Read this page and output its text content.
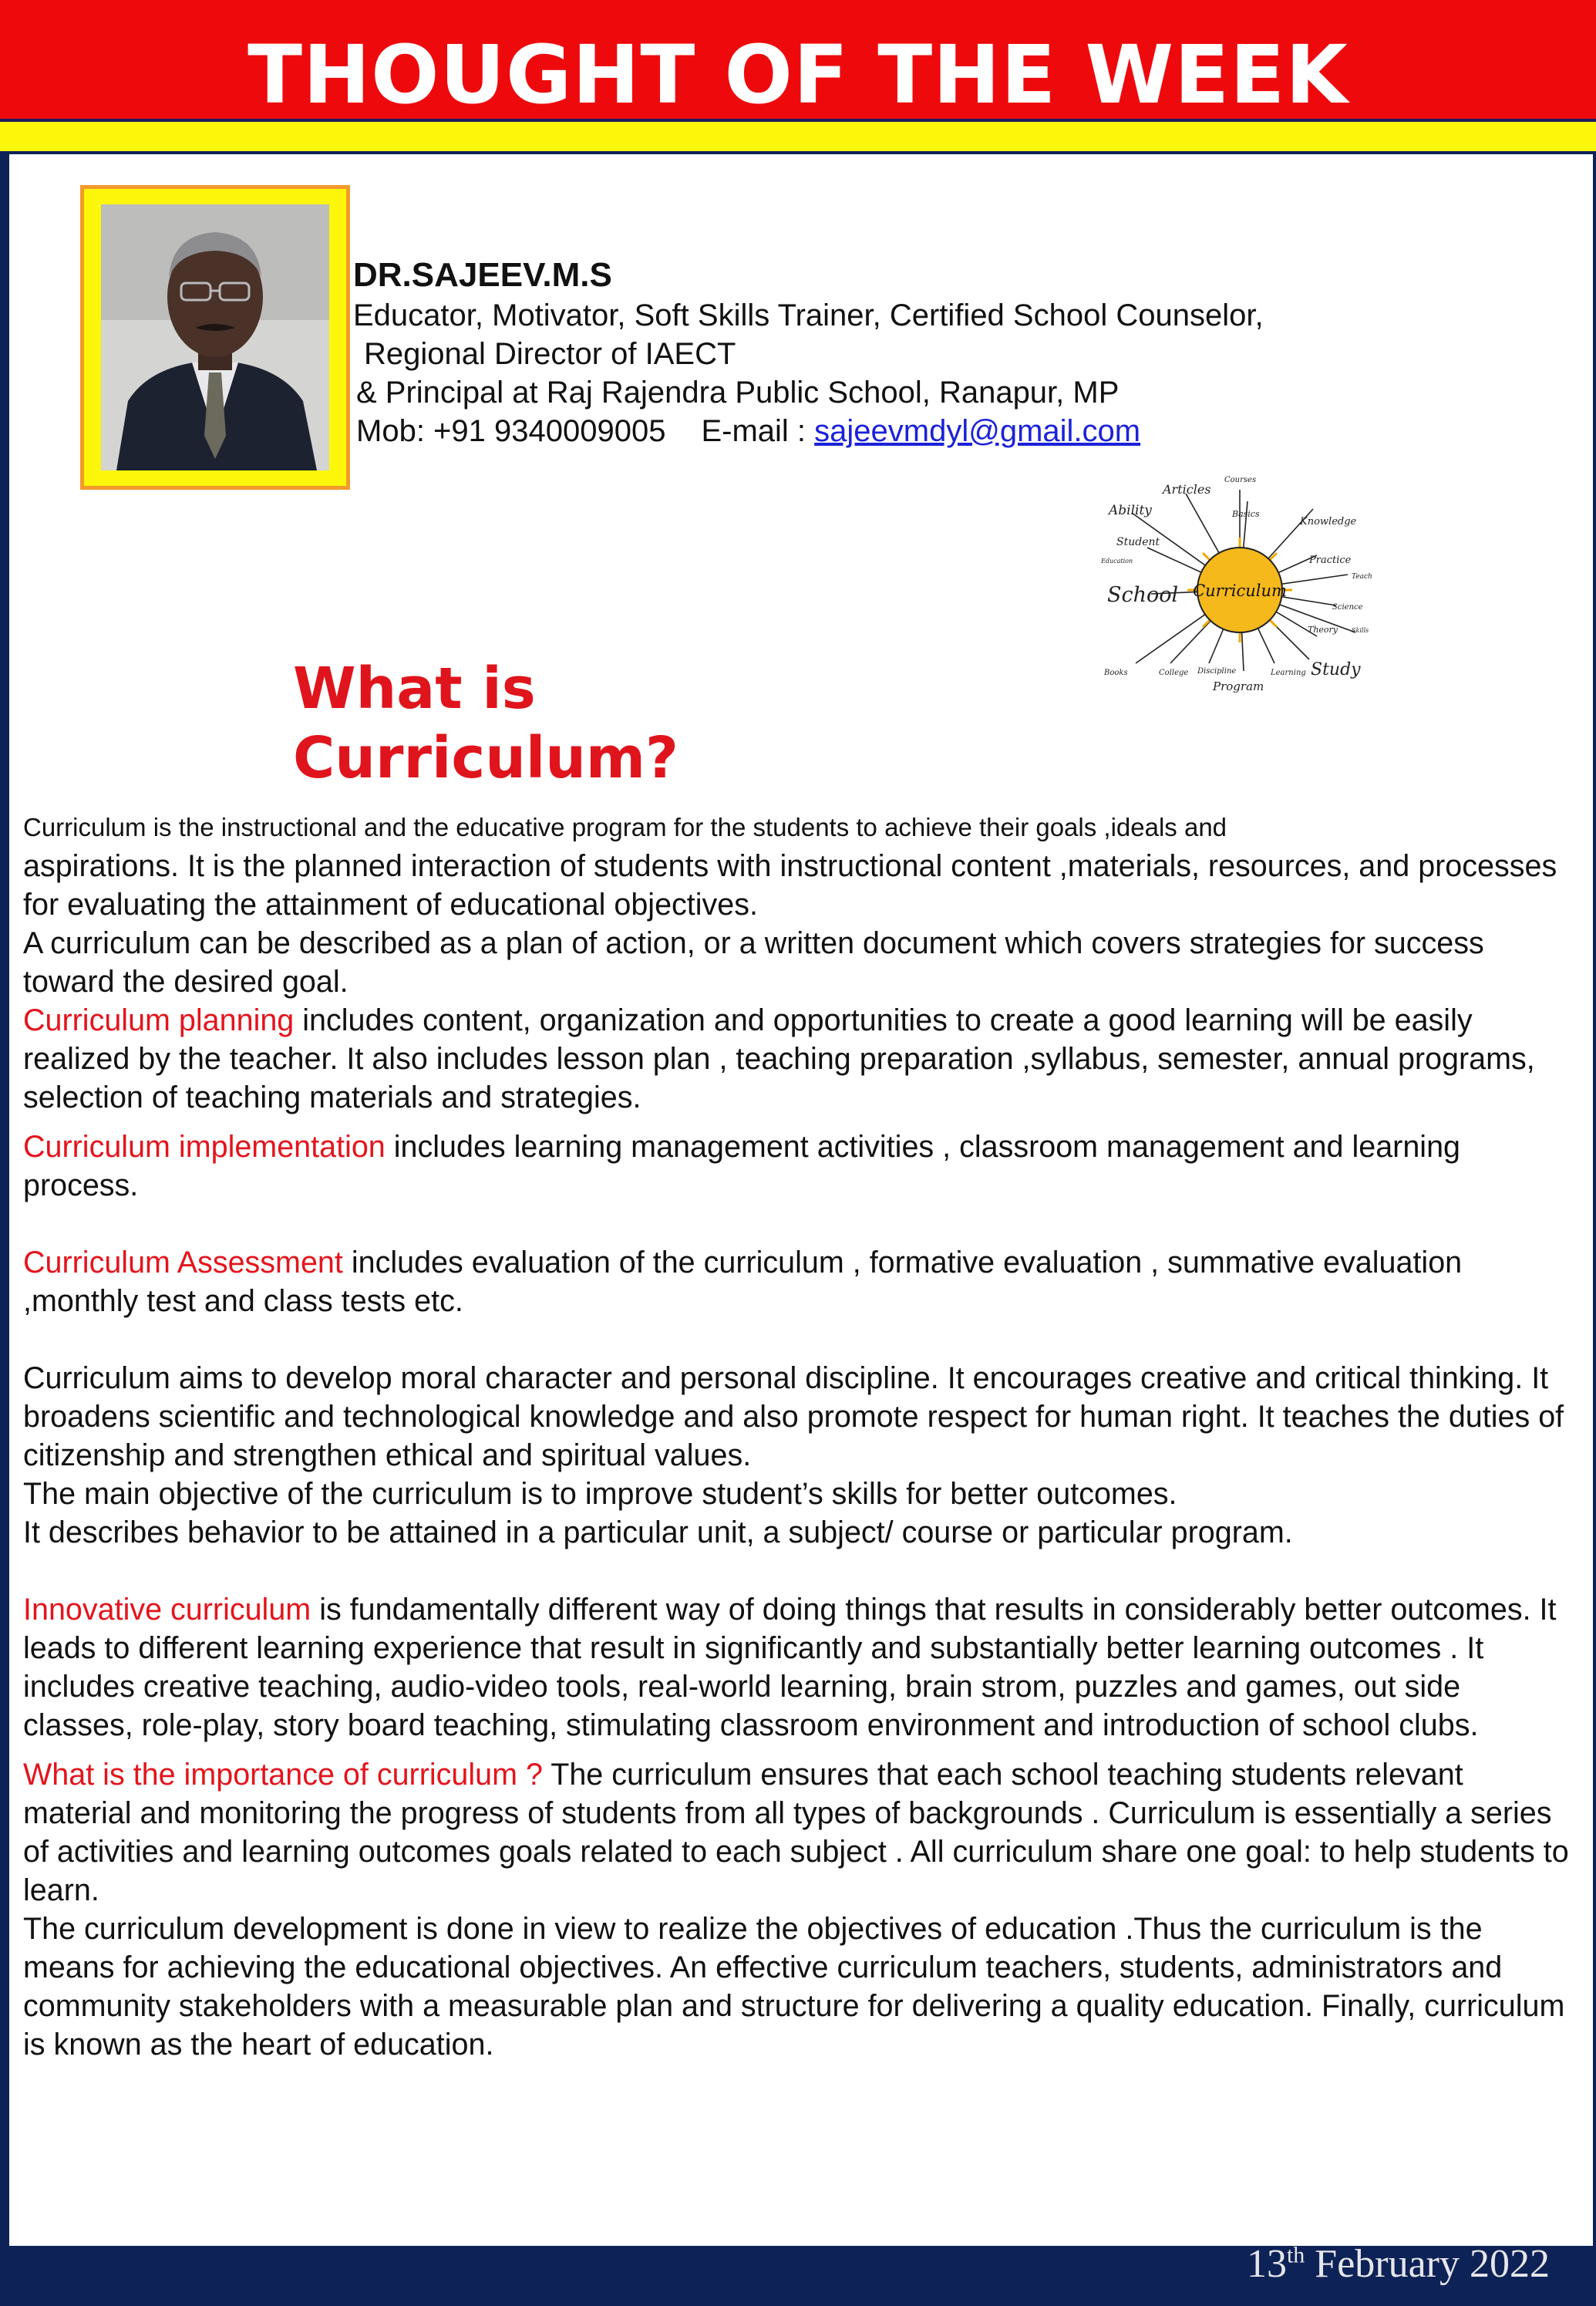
THOUGHT OF THE WEEK
DR.SAJEEV.M.S
Educator, Motivator, Soft Skills Trainer, Certified School Counselor,
Regional Director of IAECT
& Principal at Raj Rajendra Public School, Ranapur, MP
Mob: +91 9340009005 E-mail : sajeevmdyl@gmail.com
Curriculum
Ability
Articles
Courses
Basics
Knowledge
Student
Practice
Teach
School
Science
Theory Skills
Study
Learning
Program
Discipline
College
Books
Education
What is Curriculum?

Curriculum is the instructional and the educative program for the students to achieve their goals ,ideals and

aspirations. It is the planned interaction of students with instructional content ,materials, resources, and processes for evaluating the attainment of educational objectives.

A curriculum can be described as a plan of action, or a written document which covers strategies for success toward the desired goal.

Curriculum planning includes content, organization and opportunities to create a good learning will be easily realized by the teacher. It also includes lesson plan , teaching preparation ,syllabus, semester, annual programs, selection of teaching materials and strategies.

Curriculum implementation includes learning management activities , classroom management and learning process.

Curriculum Assessment includes evaluation of the curriculum , formative evaluation , summative evaluation ,monthly test and class tests etc.

Curriculum aims to develop moral character and personal discipline. It encourages creative and critical thinking. It broadens scientific and technological knowledge and also promote respect for human right. It teaches the duties of citizenship and strengthen ethical and spiritual values.

The main objective of the curriculum is to improve student’s skills for better outcomes.

It describes behavior to be attained in a particular unit, a subject/ course or particular program.

Innovative curriculum is fundamentally different way of doing things that results in considerably better outcomes. It leads to different learning experience that result in significantly and substantially better learning outcomes . It includes creative teaching, audio-video tools, real-world learning, brain strom, puzzles and games, out side classes, role-play, story board teaching, stimulating classroom environment and introduction of school clubs.

What is the importance of curriculum ? The curriculum ensures that each school teaching students relevant material and monitoring the progress of students from all types of backgrounds . Curriculum is essentially a series of activities and learning outcomes goals related to each subject . All curriculum share one goal: to help students to learn.

The curriculum development is done in view to realize the objectives of education .Thus the curriculum is the means for achieving the educational objectives. An effective curriculum teachers, students, administrators and community stakeholders with a measurable plan and structure for delivering a quality education. Finally, curriculum is known as the heart of education.

13th February 2022
